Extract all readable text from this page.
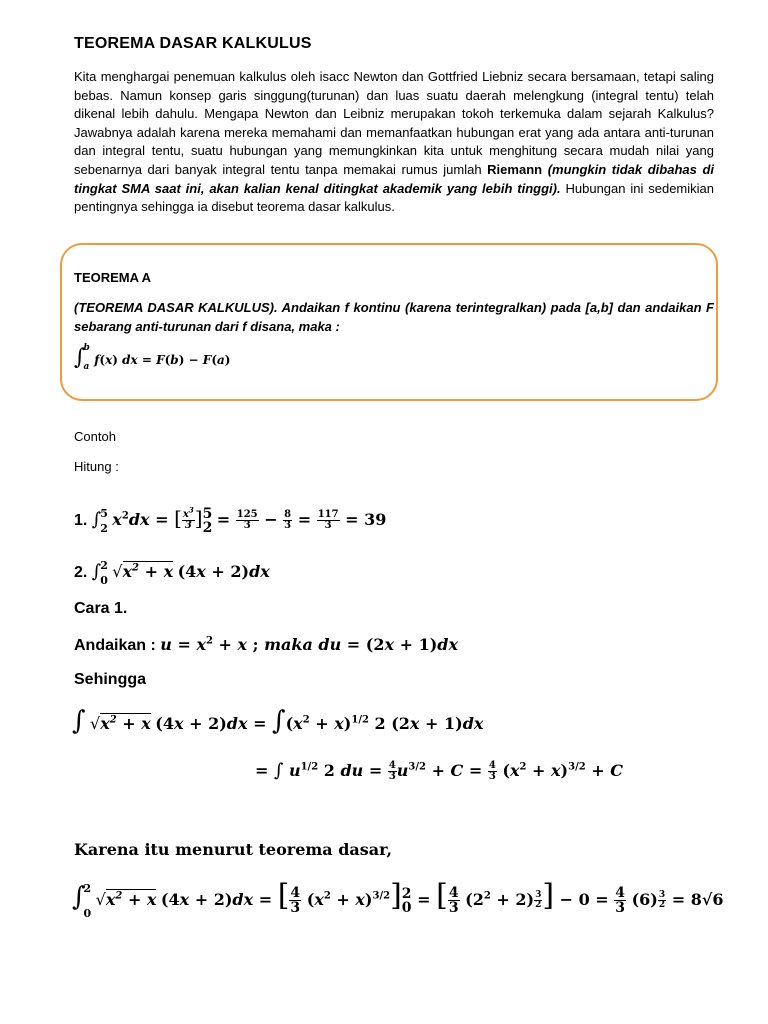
TEOREMA DASAR KALKULUS
Kita menghargai penemuan kalkulus oleh isacc Newton dan Gottfried Liebniz secara bersamaan, tetapi saling bebas. Namun konsep garis singgung(turunan) dan luas suatu daerah melengkung (integral tentu) telah dikenal lebih dahulu. Mengapa Newton dan Leibniz merupakan tokoh terkemuka dalam sejarah Kalkulus? Jawabnya adalah karena mereka memahami dan memanfaatkan hubungan erat yang ada antara anti-turunan dan integral tentu, suatu hubungan yang memungkinkan kita untuk menghitung secara mudah nilai yang sebenarnya dari banyak integral tentu tanpa memakai rumus jumlah Riemann (mungkin tidak dibahas di tingkat SMA saat ini, akan kalian kenal ditingkat akademik yang lebih tinggi). Hubungan ini sedemikian pentingnya sehingga ia disebut teorema dasar kalkulus.
TEOREMA A
(TEOREMA DASAR KALKULUS). Andaikan f kontinu (karena terintegralkan) pada [a,b] dan andaikan F sebarang anti-turunan dari f disana, maka :
∫
b
a f(x) dx = F(b) − F(a)
Contoh
Hitung :
1. ∫ 5
2 $x^2dx$ = [ $\frac{x^3}{3}$ ] 5
$2 = \frac{125}{3} - \frac{8}{3} = \frac{117}{3} = 39$
2. ∫ 2
0 $√x^2 + x$ (4x + 2)dx
Cara 1.
Andaikan : $u = x^2 + x$ ; maka du = (2x + 1)dx
Sehingga
∫ $√x^2 + x$ $(4x + 2)dx = \int(x^2 + x)^{1/2}$ 2 (2x + 1)dx
= ∫ $u^{1/2}$ 2 du = $\frac{4}{3} u^{3/2} + C = \frac{4}{3} (x^2 + x)^{3/2} + C$
Karena itu menurut teorema dasar,
∫
2
0
$√x^2 + x$ (4x + 2)dx = [ $\frac{4}{3} (x^2 + x)^{3/2}$] 2
0 = [ $\frac{4}{3} (2^2 + 2) \frac{3}{2}$ ] − $0 = \frac{4}{3} (6) \frac{3}{2} = 8√6$
